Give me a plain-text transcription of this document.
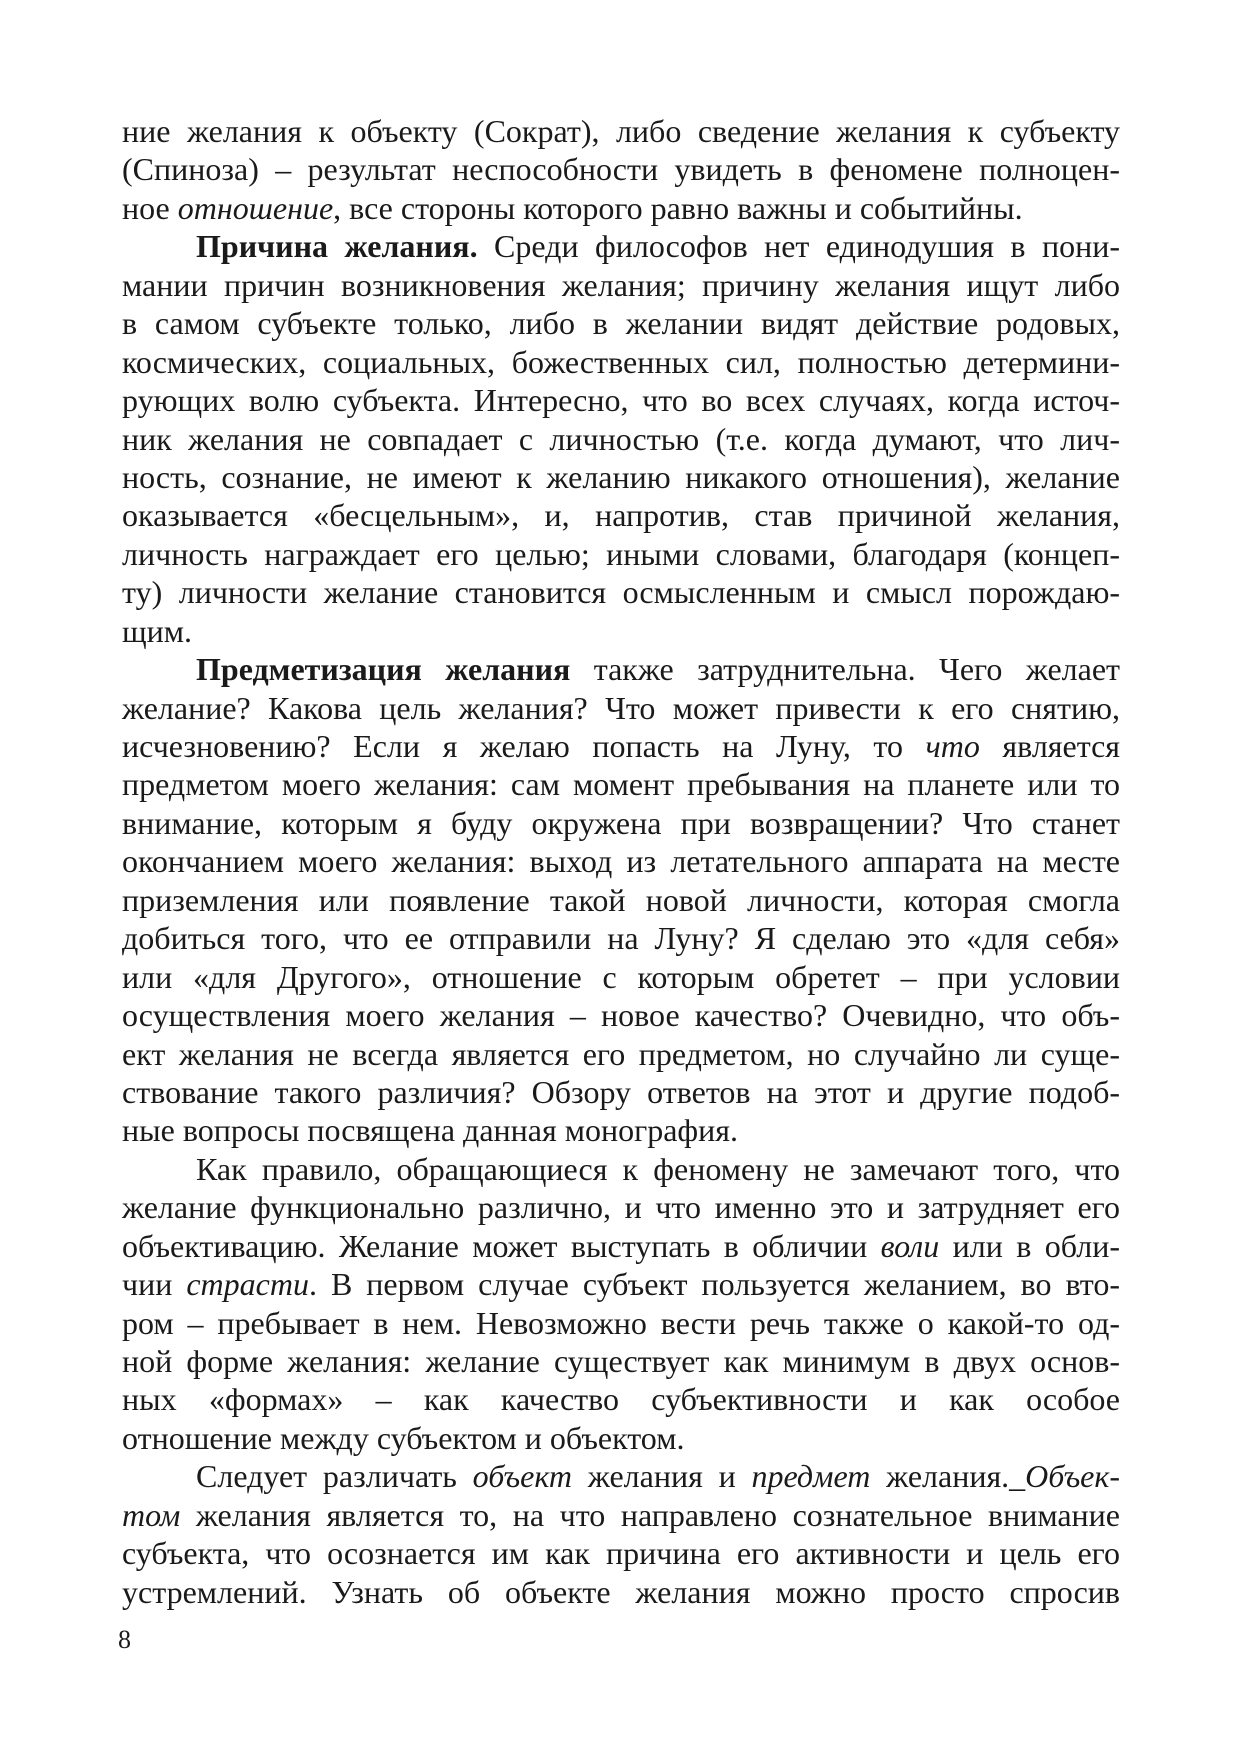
ние желания к объекту (Сократ), либо сведение желания к субъекту
(Спиноза) – результат неспособности увидеть в феномене полноцен-
ное отношение, все стороны которого равно важны и событийны.
Причина желания. Среди философов нет единодушия в пони-
мании причин возникновения желания; причину желания ищут либо
в самом субъекте только, либо в желании видят действие родовых,
космических, социальных, божественных сил, полностью детермини-
рующих волю субъекта. Интересно, что во всех случаях, когда источ-
ник желания не совпадает с личностью (т.е. когда думают, что лич-
ность, сознание, не имеют к желанию никакого отношения), желание
оказывается «бесцельным», и, напротив, став причиной желания,
личность награждает его целью; иными словами, благодаря (концеп-
ту) личности желание становится осмысленным и смысл порождаю-
щим.
Предметизация желания также затруднительна. Чего желает
желание? Какова цель желания? Что может привести к его снятию,
исчезновению? Если я желаю попасть на Луну, то что является
предметом моего желания: сам момент пребывания на планете или то
внимание, которым я буду окружена при возвращении? Что станет
окончанием моего желания: выход из летательного аппарата на месте
приземления или появление такой новой личности, которая смогла
добиться того, что ее отправили на Луну? Я сделаю это «для себя»
или «для Другого», отношение с которым обретет – при условии
осуществления моего желания – новое качество? Очевидно, что объ-
ект желания не всегда является его предметом, но случайно ли суще-
ствование такого различия? Обзору ответов на этот и другие подоб-
ные вопросы посвящена данная монография.
Как правило, обращающиеся к феномену не замечают того, что
желание функционально различно, и что именно это и затрудняет его
объективацию. Желание может выступать в обличии воли или в обли-
чии страсти. В первом случае субъект пользуется желанием, во вто-
ром – пребывает в нем. Невозможно вести речь также о какой-то од-
ной форме желания: желание существует как минимум в двух основ-
ных «формах» – как качество субъективности и как особое
отношение между субъектом и объектом.
Следует различать объект желания и предмет желания._Объек-
том желания является то, на что направлено сознательное внимание
субъекта, что осознается им как причина его активности и цель его
устремлений. Узнать об объекте желания можно просто спросив
8
